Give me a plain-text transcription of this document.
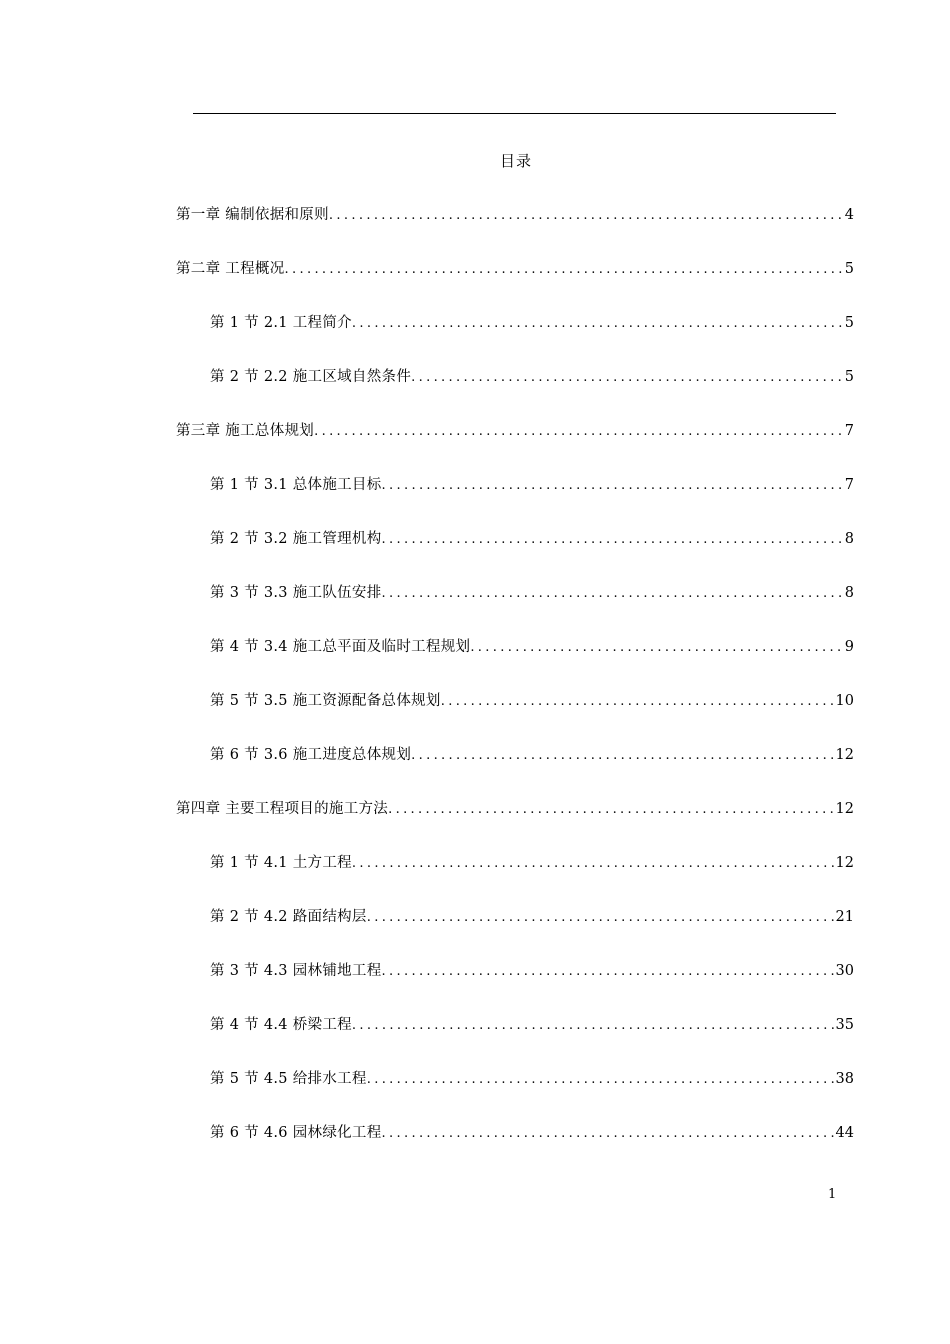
目录
第一章 编制依据和原则 .....	4
第二章 工程概况 .....	5
第 1 节 2.1 工程简介 .....	5
第 2 节 2.2 施工区域自然条件 .....	5
第三章 施工总体规划 .....	7
第 1 节 3.1 总体施工目标 .....	7
第 2 节 3.2 施工管理机构 .....	8
第 3 节 3.3 施工队伍安排 .....	8
第 4 节 3.4 施工总平面及临时工程规划 .....	9
第 5 节 3.5 施工资源配备总体规划 .....	10
第 6 节 3.6 施工进度总体规划 .....	12
第四章 主要工程项目的施工方法 .....	12
第 1 节 4.1 土方工程 .....	12
第 2 节 4.2 路面结构层 .....	21
第 3 节 4.3 园林铺地工程 .....	30
第 4 节 4.4 桥梁工程 .....	35
第 5 节 4.5 给排水工程 .....	38
第 6 节 4.6 园林绿化工程 .....	44
1
